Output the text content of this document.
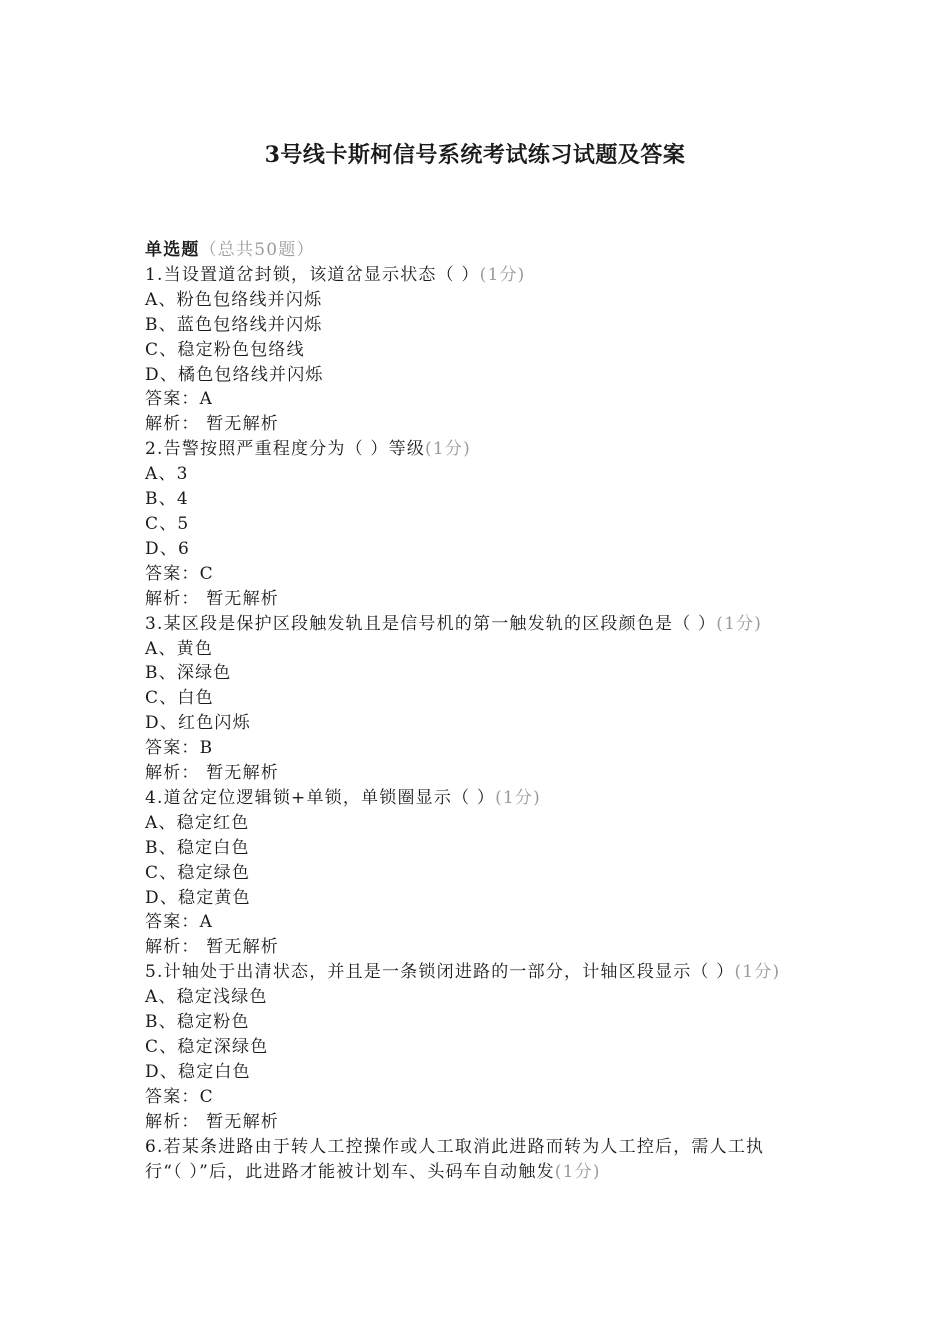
3号线卡斯柯信号系统考试练习试题及答案
单选题（总共50题）
1.当设置道岔封锁，该道岔显示状态（ ）(1分)
A、粉色包络线并闪烁
B、蓝色包络线并闪烁
C、稳定粉色包络线
D、橘色包络线并闪烁
答案：A
解析： 暂无解析
2.告警按照严重程度分为（ ）等级(1分)
A、3
B、4
C、5
D、6
答案：C
解析： 暂无解析
3.某区段是保护区段触发轨且是信号机的第一触发轨的区段颜色是（ ）(1分)
A、黄色
B、深绿色
C、白色
D、红色闪烁
答案：B
解析： 暂无解析
4.道岔定位逻辑锁+单锁，单锁圈显示（ ）(1分)
A、稳定红色
B、稳定白色
C、稳定绿色
D、稳定黄色
答案：A
解析： 暂无解析
5.计轴处于出清状态，并且是一条锁闭进路的一部分，计轴区段显示（ ）(1分)
A、稳定浅绿色
B、稳定粉色
C、稳定深绿色
D、稳定白色
答案：C
解析： 暂无解析
6.若某条进路由于转人工控操作或人工取消此进路而转为人工控后，需人工执行“（ ）”后，此进路才能被计划车、头码车自动触发(1分)
